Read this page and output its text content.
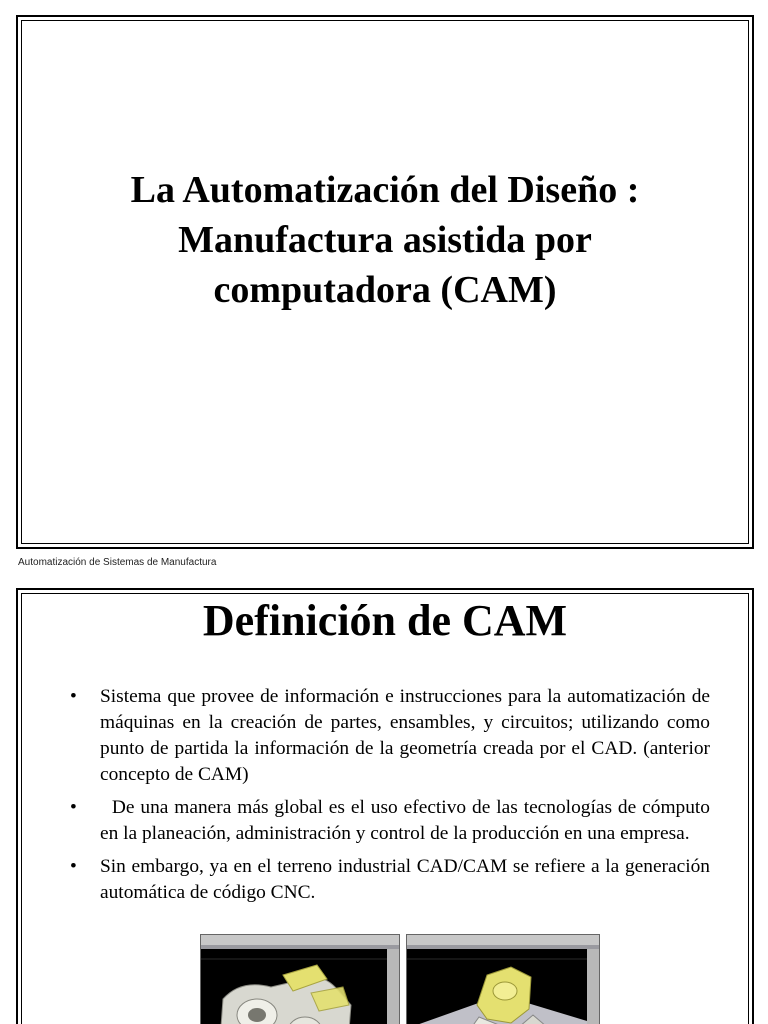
La Automatización del Diseño :
Manufactura asistida por
computadora (CAM)
Automatización de Sistemas de Manufactura
Definición de CAM
• Sistema que provee de información e instrucciones para la automatización de máquinas en la creación de partes, ensambles, y circuitos; utilizando como punto de partida la información de la geometría creada por el CAD. (anterior concepto de CAM)
• De una manera más global es el uso efectivo de las tecnologías de cómputo en la planeación, administración y control de la producción en una empresa.
• Sin embargo, ya en el terreno industrial CAD/CAM se refiere a la generación automática de código CNC.
